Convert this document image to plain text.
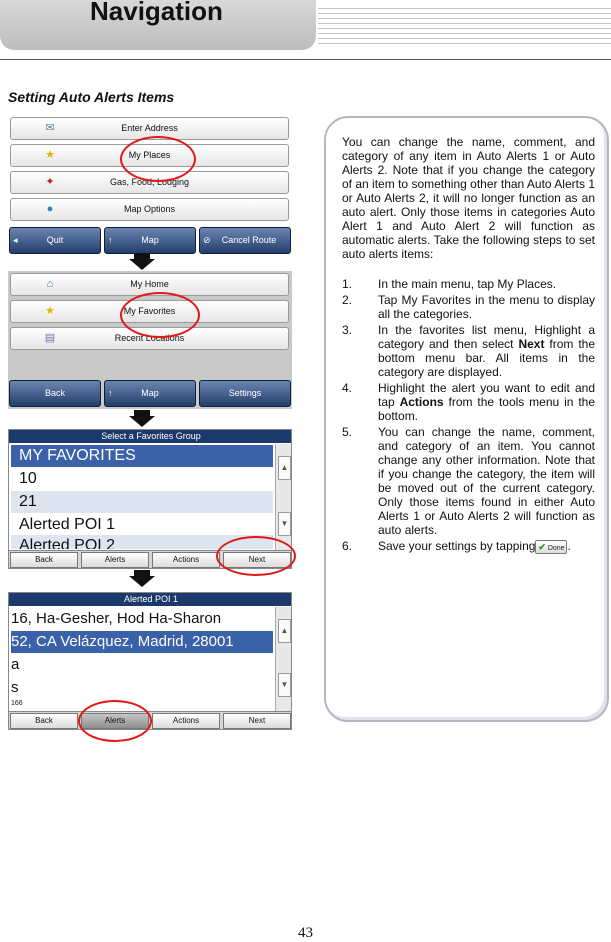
Navigation
Setting Auto Alerts Items
✉	Enter Address
★	My Places
✦	Gas, Food, Lodging
●	Map Options
◂	Quit	↑	Map	⊘ Cancel Route
⌂	My Home
★	My Favorites
▤	Recent Locations
Back	↑	Map	Settings
Select a Favorites Group
MY FAVORITES
10
21
Alerted POI 1
Alerted POI 2
▲
▼
Back	Alerts	Actions	Next
Alerted POI 1
16, Ha-Gesher, Hod Ha-Sharon
52, CA Velázquez, Madrid, 28001
a
s
166
▲
▼
Back	Alerts	Actions	Next
You can change the name, comment, and category of any item in Auto Alerts 1 or Auto Alerts 2. Note that if you change the category of an item to something other than Auto Alerts 1 or Auto Alerts 2, it will no longer function as an auto alert. Only those items in categories Auto Alert 1 and Auto Alert 2 will function as automatic alerts. Take the following steps to set auto alerts items:
1. In the main menu, tap My Places.
2. Tap My Favorites in the menu to display all the categories.
3. In the favorites list menu, Highlight a category and then select Next from the bottom menu bar. All items in the category are displayed.
4. Highlight the alert you want to edit and tap Actions from the tools menu in the bottom.
5. You can change the name, comment, and category of an item. You cannot change any other information. Note that if you change the category, the item will be moved out of the current category. Only those items found in either Auto Alerts 1 or Auto Alerts 2 will function as auto alerts.
6. Save your settings by tapping ✔ Done .
43
